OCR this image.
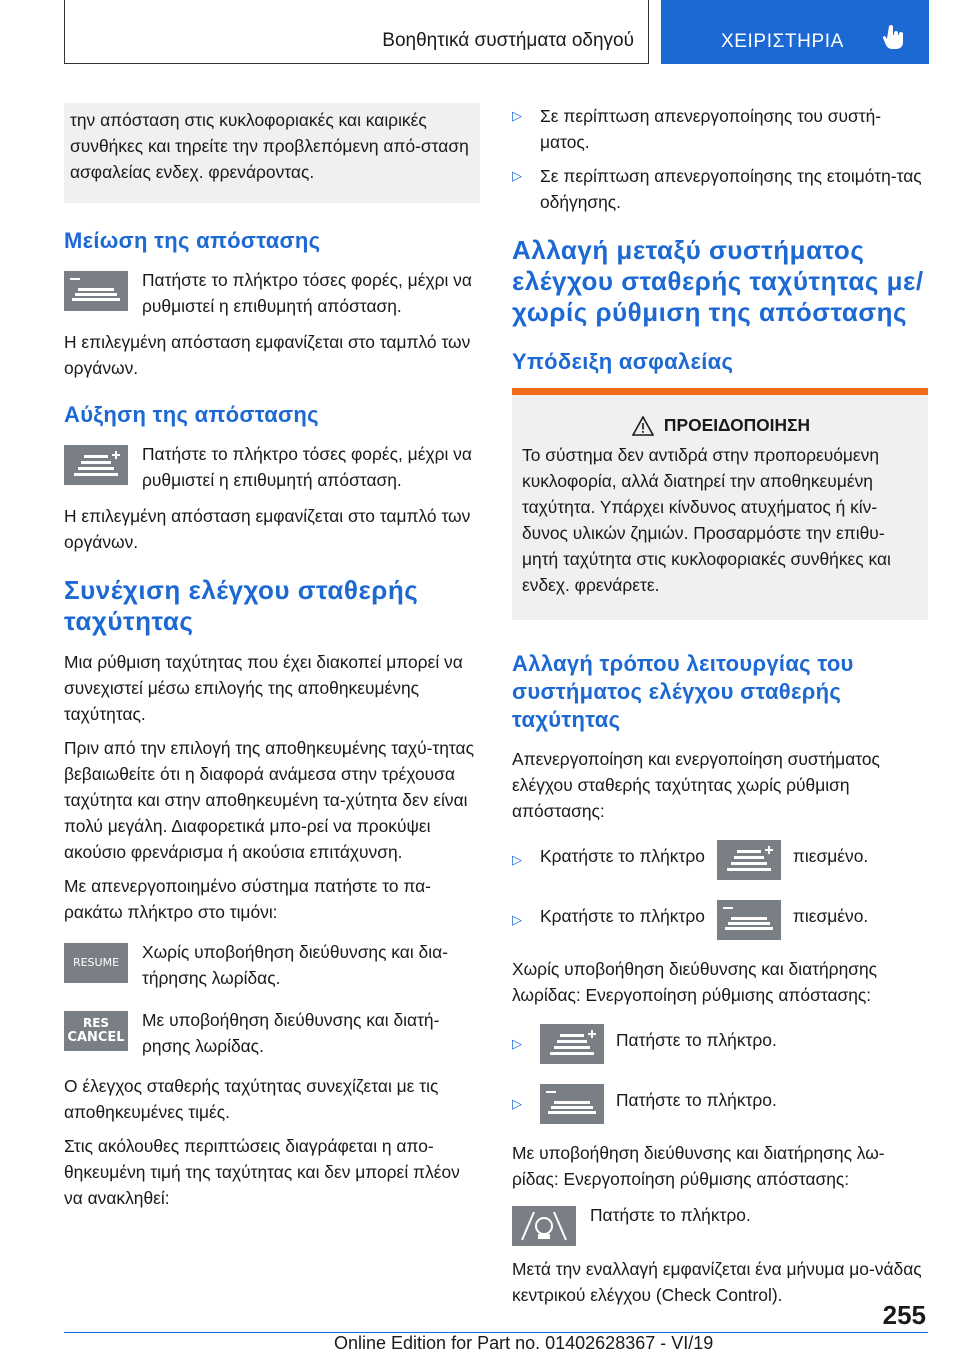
Βοηθητικά συστήματα οδηγού	ΧΕΙΡΙΣΤΗΡΙΑ

την απόσταση στις κυκλοφοριακές και καιρικές συνθήκες και τηρείτε την προβλεπόμενη από-σταση ασφαλείας ενδεχ. φρενάροντας.

Μείωση της απόστασης

Πατήστε το πλήκτρο τόσες φορές, μέχρι να ρυθμιστεί η επιθυμητή απόσταση.

Η επιλεγμένη απόσταση εμφανίζεται στο ταμπλό των οργάνων.

Αύξηση της απόστασης

Πατήστε το πλήκτρο τόσες φορές, μέχρι να ρυθμιστεί η επιθυμητή απόσταση.

Η επιλεγμένη απόσταση εμφανίζεται στο ταμπλό των οργάνων.

Συνέχιση ελέγχου σταθερής ταχύτητας

Μια ρύθμιση ταχύτητας που έχει διακοπεί μπορεί να συνεχιστεί μέσω επιλογής της αποθηκευμένης ταχύτητας.

Πριν από την επιλογή της αποθηκευμένης ταχύ-τητας βεβαιωθείτε ότι η διαφορά ανάμεσα στην τρέχουσα ταχύτητα και στην αποθηκευμένη τα-χύτητα δεν είναι πολύ μεγάλη. Διαφορετικά μπο-ρεί να προκύψει ακούσιο φρενάρισμα ή ακούσια επιτάχυνση.

Με απενεργοποιημένο σύστημα πατήστε το πα-ρακάτω πλήκτρο στο τιμόνι:

RESUME

Χωρίς υποβοήθηση διεύθυνσης και δια-τήρησης λωρίδας.

RES
CANCEL

Με υποβοήθηση διεύθυνσης και διατή-ρησης λωρίδας.

Ο έλεγχος σταθερής ταχύτητας συνεχίζεται με τις αποθηκευμένες τιμές.

Στις ακόλουθες περιπτώσεις διαγράφεται η απο-θηκευμένη τιμή της ταχύτητας και δεν μπορεί πλέον να ανακληθεί:

▷	Σε περίπτωση απενεργοποίησης του συστή-ματος.

▷	Σε περίπτωση απενεργοποίησης της ετοιμότη-τας οδήγησης.

Αλλαγή μεταξύ συστήματος ελέγχου σταθερής ταχύτητας με/χωρίς ρύθμιση της απόστασης
Υπόδειξη ασφαλείας
ΠΡΟΕΙΔΟΠΟΙΗΣΗ

Το σύστημα δεν αντιδρά στην προπορευόμενη κυκλοφορία, αλλά διατηρεί την αποθηκευμένη ταχύτητα. Υπάρχει κίνδυνος ατυχήματος ή κίν-δυνος υλικών ζημιών. Προσαρμόστε την επιθυ-μητή ταχύτητα στις κυκλοφοριακές συνθήκες και ενδεχ. φρενάρετε.

Αλλαγή τρόπου λειτουργίας του συστήματος ελέγχου σταθερής ταχύτητας

Απενεργοποίηση και ενεργοποίηση συστήματος ελέγχου σταθερής ταχύτητας χωρίς ρύθμιση απόστασης:

▷	Κρατήστε το πλήκτρο	πιεσμένο.
▷	Κρατήστε το πλήκτρο	πιεσμένο.

Χωρίς υποβοήθηση διεύθυνσης και διατήρησης λωρίδας: Ενεργοποίηση ρύθμισης απόστασης:

▷	Πατήστε το πλήκτρο.
▷	Πατήστε το πλήκτρο.

Με υποβοήθηση διεύθυνσης και διατήρησης λω-ρίδας: Ενεργοποίηση ρύθμισης απόστασης:

Πατήστε το πλήκτρο.

Μετά την εναλλαγή εμφανίζεται ένα μήνυμα μο-νάδας κεντρικού ελέγχου (Check Control).

255
Online Edition for Part no. 01402628367 - VI/19
